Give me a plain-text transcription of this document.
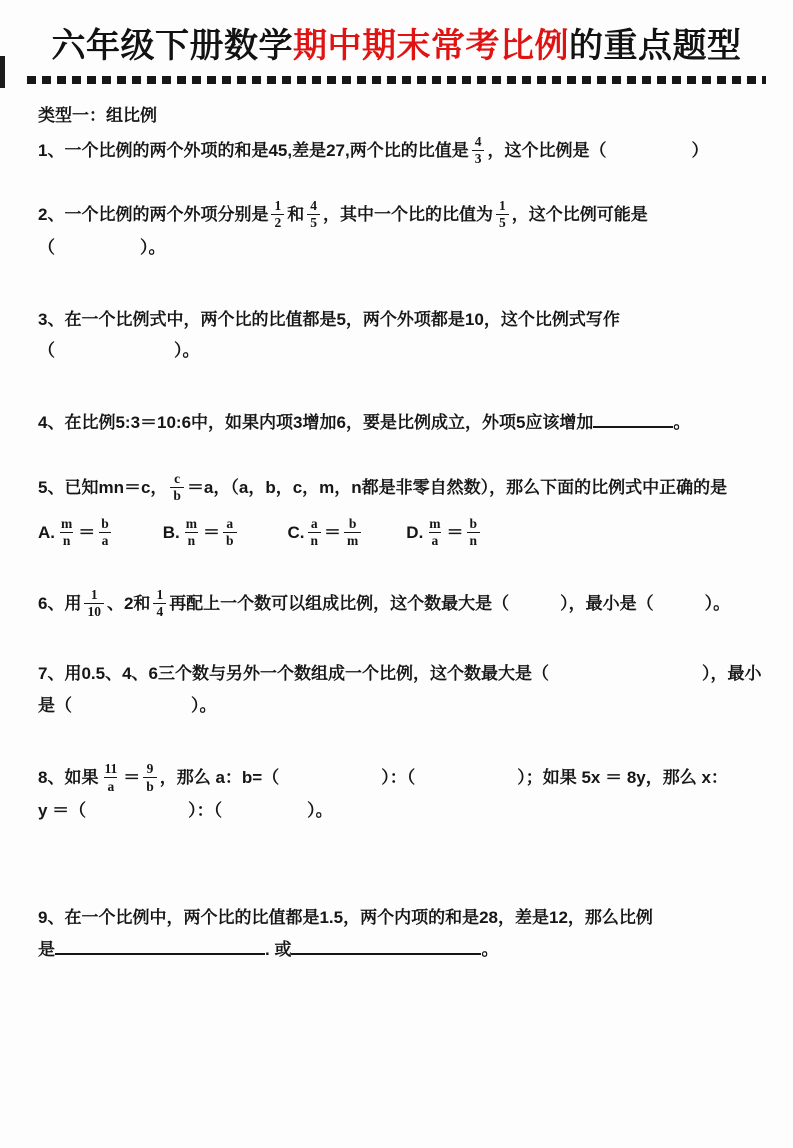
六年级下册数学期中期末常考比例的重点题型
类型一：组比例

1、一个比例的两个外项的和是45,差是27,两个比的比值是 $\frac{4}{3}$ ，这个比例是（　　　　　）

2、一个比例的两个外项分别是 $\frac{1}{2}$ 和 $\frac{4}{5}$ ，其中一个比的比值为 $\frac{1}{5}$ ，这个比例可能是

（　　　　　）。

3、在一个比例式中，两个比的比值都是5，两个外项都是10，这个比例式写作

（　　　　　　　）。

4、在比例5:3＝10:6中，如果内项3增加6，要是比例成立，外项5应该增加	。

5、已知mn＝c， $\frac{c}{b} =a$，（a，b，c，m，n都是非零自然数），那么下面的比例式中正确的是

A. $\frac{m}{n} = \frac{b}{a}$	B. $\frac{m}{n} = \frac{a}{b}$	C. $\frac{a}{n} = \frac{b}{m}$	D. $\frac{m}{a} = \frac{b}{n}$

6、用 $\frac{1}{10}$ 、2和 $\frac{1}{4}$ 再配上一个数可以组成比例，这个数最大是（　　　），最小是（　　　）。

7、用0.5、4、6三个数与另外一个数组成一个比例，这个数最大是（　　　　　　　　　），最小

是（　　　　　　　）。

8、如果 $\frac{11}{a} = \frac{9}{b}$ ，那么 a：b=（　　　　　　）：（　　　　　　）；如果 5x ＝ 8y，那么 x：

y ＝（　　　　　　）：（　　　　　）。

9、在一个比例中，两个比的比值都是1.5，两个内项的和是28，差是12，那么比例

是	. 或	。
